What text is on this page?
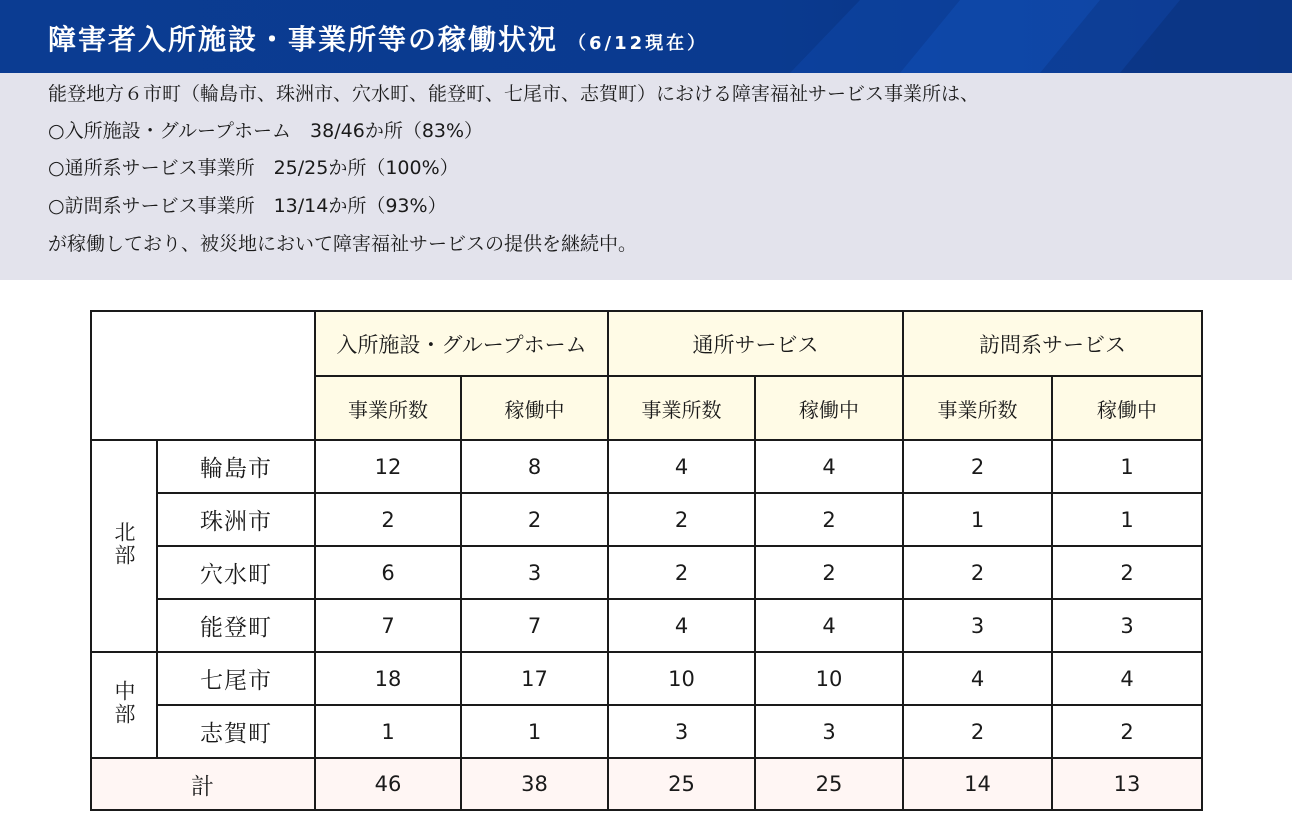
障害者入所施設・事業所等の稼働状況 （6/12現在）

能登地方６市町（輪島市、珠洲市、穴水町、能登町、七尾市、志賀町）における障害福祉サービス事業所は、

○入所施設・グループホーム　38/46か所（83%）

○通所系サービス事業所　25/25か所（100%）

○訪問系サービス事業所　13/14か所（93%）

が稼働しており、被災地において障害福祉サービスの提供を継続中。

		入所施設・グループホーム		通所サービス		訪問系サービス	
		事業所数	稼働中	事業所数	稼働中	事業所数	稼働中
北部	輪島市	12	8	4	4	2	1
	珠洲市	2	2	2	2	1	1
	穴水町	6	3	2	2	2	2
	能登町	7	7	4	4	3	3
中部	七尾市	18	17	10	10	4	4
	志賀町	1	1	3	3	2	2
計		46	38	25	25	14	13
